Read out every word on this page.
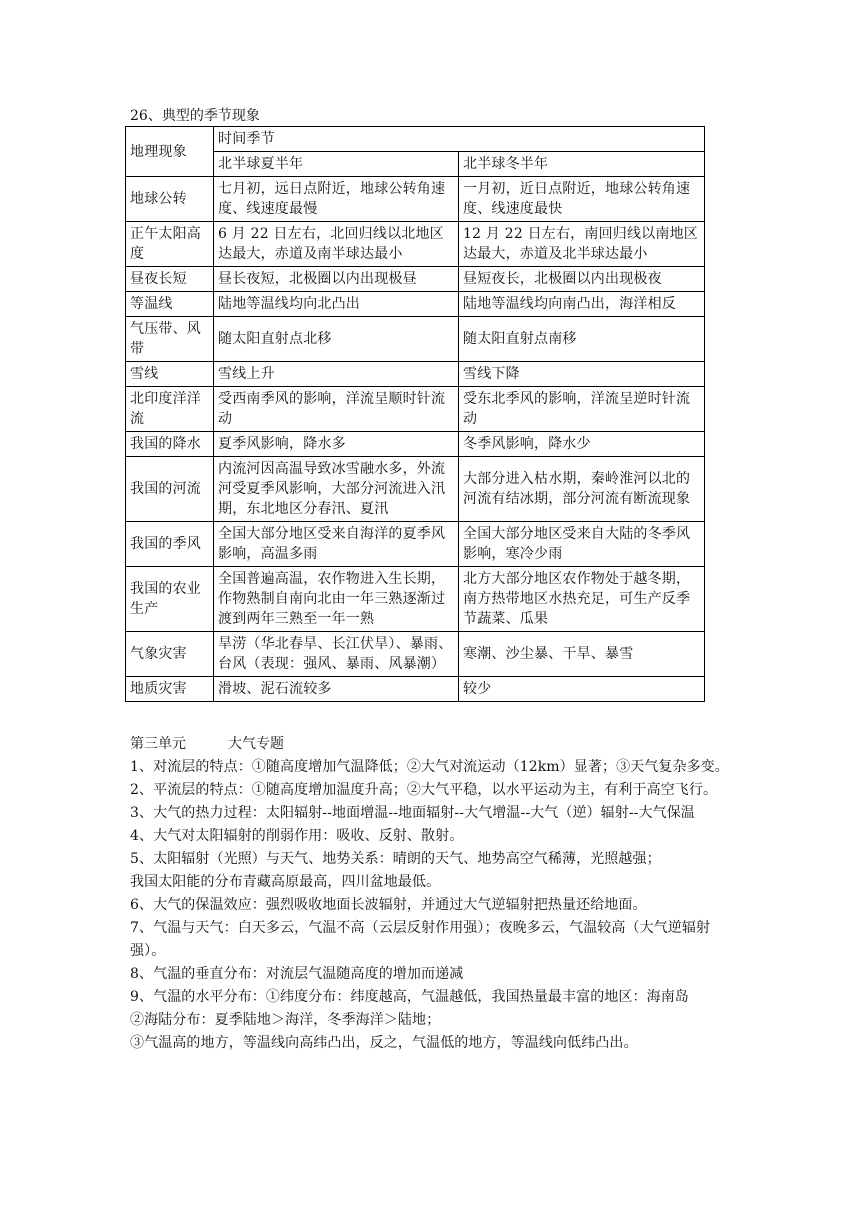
26、典型的季节现象
地理现象	时间季节	
	北半球夏半年	北半球冬半年
地球公转	七月初，远日点附近，地球公转角速度、线速度最慢	一月初，近日点附近，地球公转角速度、线速度最快
正午太阳高度	6 月 22 日左右，北回归线以北地区达最大，赤道及南半球达最小	12 月 22 日左右，南回归线以南地区达最大，赤道及北半球达最小
昼夜长短	昼长夜短，北极圈以内出现极昼	昼短夜长，北极圈以内出现极夜
等温线	陆地等温线均向北凸出	陆地等温线均向南凸出，海洋相反
气压带、风带	随太阳直射点北移	随太阳直射点南移
雪线	雪线上升	雪线下降
北印度洋洋流	受西南季风的影响，洋流呈顺时针流动	受东北季风的影响，洋流呈逆时针流动
我国的降水	夏季风影响，降水多	冬季风影响，降水少
我国的河流	内流河因高温导致冰雪融水多，外流河受夏季风影响，大部分河流进入汛期，东北地区分春汛、夏汛	大部分进入枯水期，秦岭淮河以北的河流有结冰期，部分河流有断流现象
我国的季风	全国大部分地区受来自海洋的夏季风影响，高温多雨	全国大部分地区受来自大陆的冬季风影响，寒冷少雨
我国的农业生产	全国普遍高温，农作物进入生长期，作物熟制自南向北由一年三熟逐渐过渡到两年三熟至一年一熟	北方大部分地区农作物处于越冬期，南方热带地区水热充足，可生产反季节蔬菜、瓜果
气象灾害	旱涝（华北春旱、长江伏旱）、暴雨、台风（表现：强风、暴雨、风暴潮）	寒潮、沙尘暴、干旱、暴雪
地质灾害	滑坡、泥石流较多	较少
第三单元	大气专题

1、对流层的特点：①随高度增加气温降低；②大气对流运动（12km）显著；③天气复杂多变。

2、平流层的特点：①随高度增加温度升高；②大气平稳，以水平运动为主，有利于高空飞行。

3、大气的热力过程：太阳辐射--地面增温--地面辐射--大气增温--大气（逆）辐射--大气保温

4、大气对太阳辐射的削弱作用：吸收、反射、散射。

5、太阳辐射（光照）与天气、地势关系：晴朗的天气、地势高空气稀薄，光照越强；

我国太阳能的分布青藏高原最高，四川盆地最低。

6、大气的保温效应：强烈吸收地面长波辐射，并通过大气逆辐射把热量还给地面。

7、气温与天气：白天多云，气温不高（云层反射作用强）；夜晚多云，气温较高（大气逆辐射强）。

8、气温的垂直分布：对流层气温随高度的增加而递减

9、气温的水平分布：①纬度分布：纬度越高，气温越低，我国热量最丰富的地区：海南岛

②海陆分布：夏季陆地＞海洋，冬季海洋＞陆地；

③气温高的地方，等温线向高纬凸出，反之，气温低的地方，等温线向低纬凸出。
